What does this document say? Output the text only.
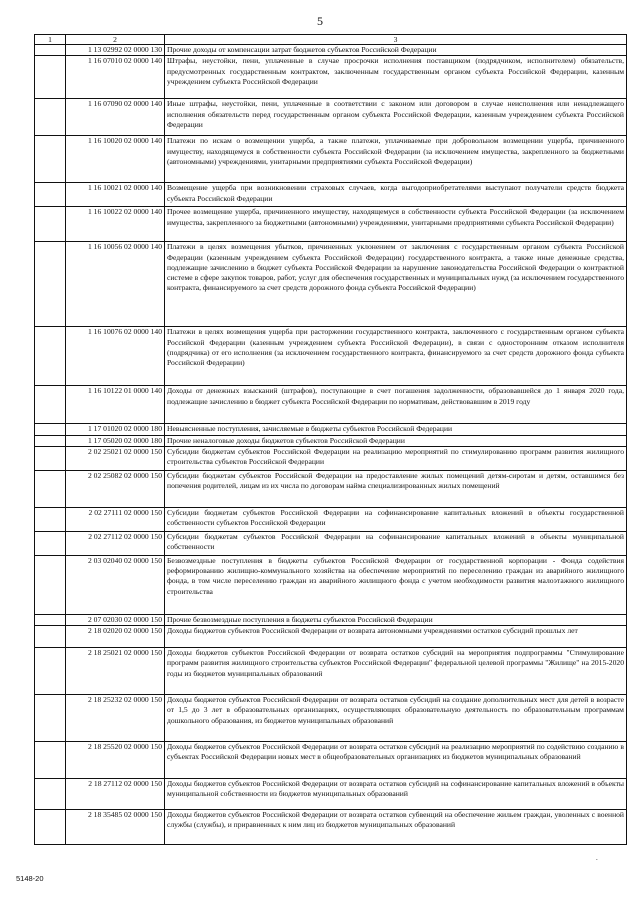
5
1	2	3
	1 13 02992 02 0000 130	Прочие доходы от компенсации затрат бюджетов субъектов Российской Федерации
	1 16 07010 02 0000 140	Штрафы, неустойки, пени, уплаченные в случае просрочки исполнения поставщиком (подрядчиком, исполнителем) обязательств, предусмотренных государственным контрактом, заключенным государственным органом субъекта Российской Федерации, казенным учреждением субъекта Российской Федерации
	1 16 07090 02 0000 140	Иные штрафы, неустойки, пени, уплаченные в соответствии с законом или договором в случае неисполнения или ненадлежащего исполнения обязательств перед государственным органом субъекта Российской Федерации, казенным учреждением субъекта Российской Федерации
	1 16 10020 02 0000 140	Платежи по искам о возмещении ущерба, а также платежи, уплачиваемые при добровольном возмещении ущерба, причиненного имуществу, находящемуся в собственности субъекта Российской Федерации (за исключением имущества, закрепленного за бюджетными (автономными) учреждениями, унитарными предприятиями субъекта Российской Федерации)
	1 16 10021 02 0000 140	Возмещение ущерба при возникновении страховых случаев, когда выгодоприобретателями выступают получатели средств бюджета субъекта Российской Федерации
	1 16 10022 02 0000 140	Прочее возмещение ущерба, причиненного имуществу, находящемуся в собственности субъекта Российской Федерации (за исключением имущества, закрепленного за бюджетными (автономными) учреждениями, унитарными предприятиями субъекта Российской Федерации)
	1 16 10056 02 0000 140	Платежи в целях возмещения убытков, причиненных уклонением от заключения с государственным органом субъекта Российской Федерации (казенным учреждением субъекта Российской Федерации) государственного контракта, а также иные денежные средства, подлежащие зачислению в бюджет субъекта Российской Федерации за нарушение законодательства Российской Федерации о контрактной системе в сфере закупок товаров, работ, услуг для обеспечения государственных и муниципальных нужд (за исключением государственного контракта, финансируемого за счет средств дорожного фонда субъекта Российской Федерации)
	1 16 10076 02 0000 140	Платежи в целях возмещения ущерба при расторжении государственного контракта, заключенного с государственным органом субъекта Российской Федерации (казенным учреждением субъекта Российской Федерации), в связи с односторонним отказом исполнителя (подрядчика) от его исполнения (за исключением государственного контракта, финансируемого за счет средств дорожного фонда субъекта Российской Федерации)
	1 16 10122 01 0000 140	Доходы от денежных взысканий (штрафов), поступающие в счет погашения задолженности, образовавшейся до 1 января 2020 года, подлежащие зачислению в бюджет субъекта Российской Федерации по нормативам, действовавшим в 2019 году
	1 17 01020 02 0000 180	Невыясненные поступления, зачисляемые в бюджеты субъектов Российской Федерации
	1 17 05020 02 0000 180	Прочие неналоговые доходы бюджетов субъектов Российской Федерации
	2 02 25021 02 0000 150	Субсидии бюджетам субъектов Российской Федерации на реализацию мероприятий по стимулированию программ развития жилищного строительства субъектов Российской Федерации
	2 02 25082 02 0000 150	Субсидии бюджетам субъектов Российской Федерации на предоставление жилых помещений детям-сиротам и детям, оставшимся без попечения родителей, лицам из их числа по договорам найма специализированных жилых помещений
	2 02 27111 02 0000 150	Субсидии бюджетам субъектов Российской Федерации на софинансирование капитальных вложений в объекты государственной собственности субъектов Российской Федерации
	2 02 27112 02 0000 150	Субсидии бюджетам субъектов Российской Федерации на софинансирование капитальных вложений в объекты муниципальной собственности
	2 03 02040 02 0000 150	Безвозмездные поступления в бюджеты субъектов Российской Федерации от государственной корпорации - Фонда содействия реформированию жилищно-коммунального хозяйства на обеспечение мероприятий по переселению граждан из аварийного жилищного фонда, в том числе переселению граждан из аварийного жилищного фонда с учетом необходимости развития малоэтажного жилищного строительства
	2 07 02030 02 0000 150	Прочие безвозмездные поступления в бюджеты субъектов Российской Федерации
	2 18 02020 02 0000 150	Доходы бюджетов субъектов Российской Федерации от возврата автономными учреждениями остатков субсидий прошлых лет
	2 18 25021 02 0000 150	Доходы бюджетов субъектов Российской Федерации от возврата остатков субсидий на мероприятия подпрограммы "Стимулирование программ развития жилищного строительства субъектов Российской Федерации" федеральной целевой программы "Жилище" на 2015-2020 годы из бюджетов муниципальных образований
	2 18 25232 02 0000 150	Доходы бюджетов субъектов Российской Федерации от возврата остатков субсидий на создание дополнительных мест для детей в возрасте от 1,5 до 3 лет в образовательных организациях, осуществляющих образовательную деятельность по образовательным программам дошкольного образования, из бюджетов муниципальных образований
	2 18 25520 02 0000 150	Доходы бюджетов субъектов Российской Федерации от возврата остатков субсидий на реализацию мероприятий по содействию созданию в субъектах Российской Федерации новых мест в общеобразовательных организациях из бюджетов муниципальных образований
	2 18 27112 02 0000 150	Доходы бюджетов субъектов Российской Федерации от возврата остатков субсидий на софинансирование капитальных вложений в объекты муниципальной собственности из бюджетов муниципальных образований
	2 18 35485 02 0000 150	Доходы бюджетов субъектов Российской Федерации от возврата остатков субвенций на обеспечение жильем граждан, уволенных с военной службы (службы), и приравненных к ним лиц из бюджетов муниципальных образований
5148-20
.
